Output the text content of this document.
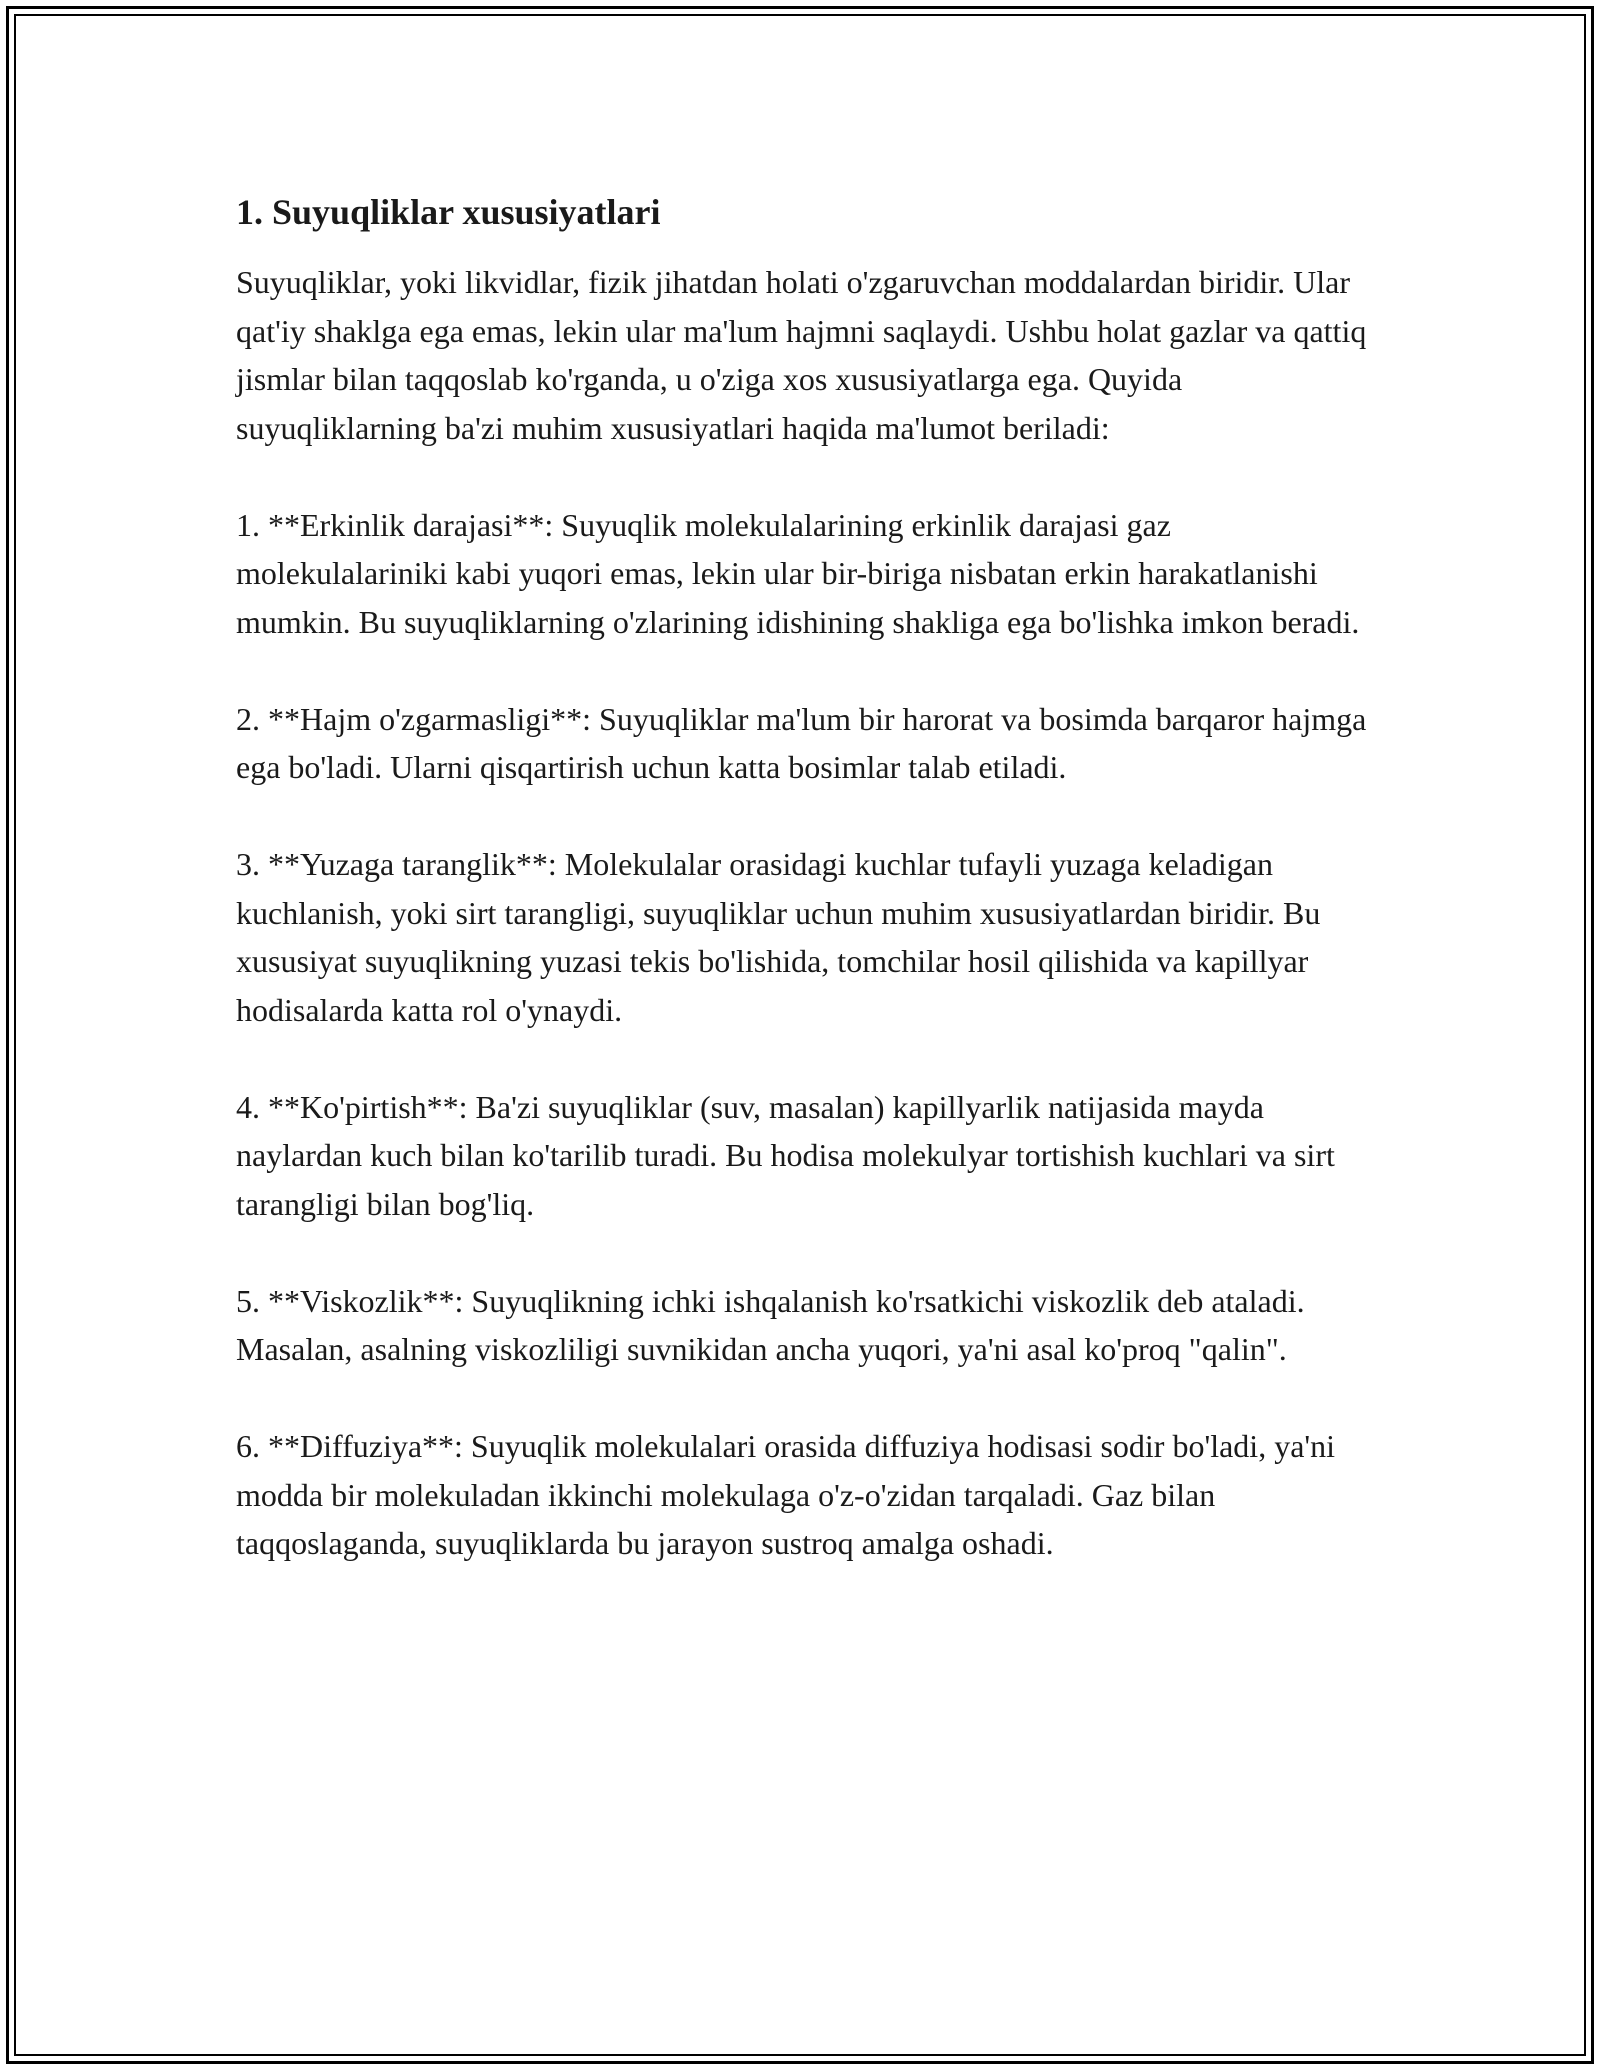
1. Suyuqliklar xususiyatlari

Suyuqliklar, yoki likvidlar, fizik jihatdan holati o'zgaruvchan moddalardan biridir. Ular qat'iy shaklga ega emas, lekin ular ma'lum hajmni saqlaydi. Ushbu holat gazlar va qattiq jismlar bilan taqqoslab ko'rganda, u o'ziga xos xususiyatlarga ega. Quyida suyuqliklarning ba'zi muhim xususiyatlari haqida ma'lumot beriladi:

1. **Erkinlik darajasi**: Suyuqlik molekulalarining erkinlik darajasi gaz molekulalariniki kabi yuqori emas, lekin ular bir-biriga nisbatan erkin harakatlanishi mumkin. Bu suyuqliklarning o'zlarining idishining shakliga ega bo'lishka imkon beradi.

2. **Hajm o'zgarmasligi**: Suyuqliklar ma'lum bir harorat va bosimda barqaror hajmga ega bo'ladi. Ularni qisqartirish uchun katta bosimlar talab etiladi.

3. **Yuzaga taranglik**: Molekulalar orasidagi kuchlar tufayli yuzaga keladigan kuchlanish, yoki sirt tarangligi, suyuqliklar uchun muhim xususiyatlardan biridir. Bu xususiyat suyuqlikning yuzasi tekis bo'lishida, tomchilar hosil qilishida va kapillyar hodisalarda katta rol o'ynaydi.

4. **Ko'pirtish**: Ba'zi suyuqliklar (suv, masalan) kapillyarlik natijasida mayda naylardan kuch bilan ko'tarilib turadi. Bu hodisa molekulyar tortishish kuchlari va sirt tarangligi bilan bog'liq.

5. **Viskozlik**: Suyuqlikning ichki ishqalanish ko'rsatkichi viskozlik deb ataladi. Masalan, asalning viskozliligi suvnikidan ancha yuqori, ya'ni asal ko'proq "qalin".

6. **Diffuziya**: Suyuqlik molekulalari orasida diffuziya hodisasi sodir bo'ladi, ya'ni modda bir molekuladan ikkinchi molekulaga o'z-o'zidan tarqaladi. Gaz bilan taqqoslaganda, suyuqliklarda bu jarayon sustroq amalga oshadi.
